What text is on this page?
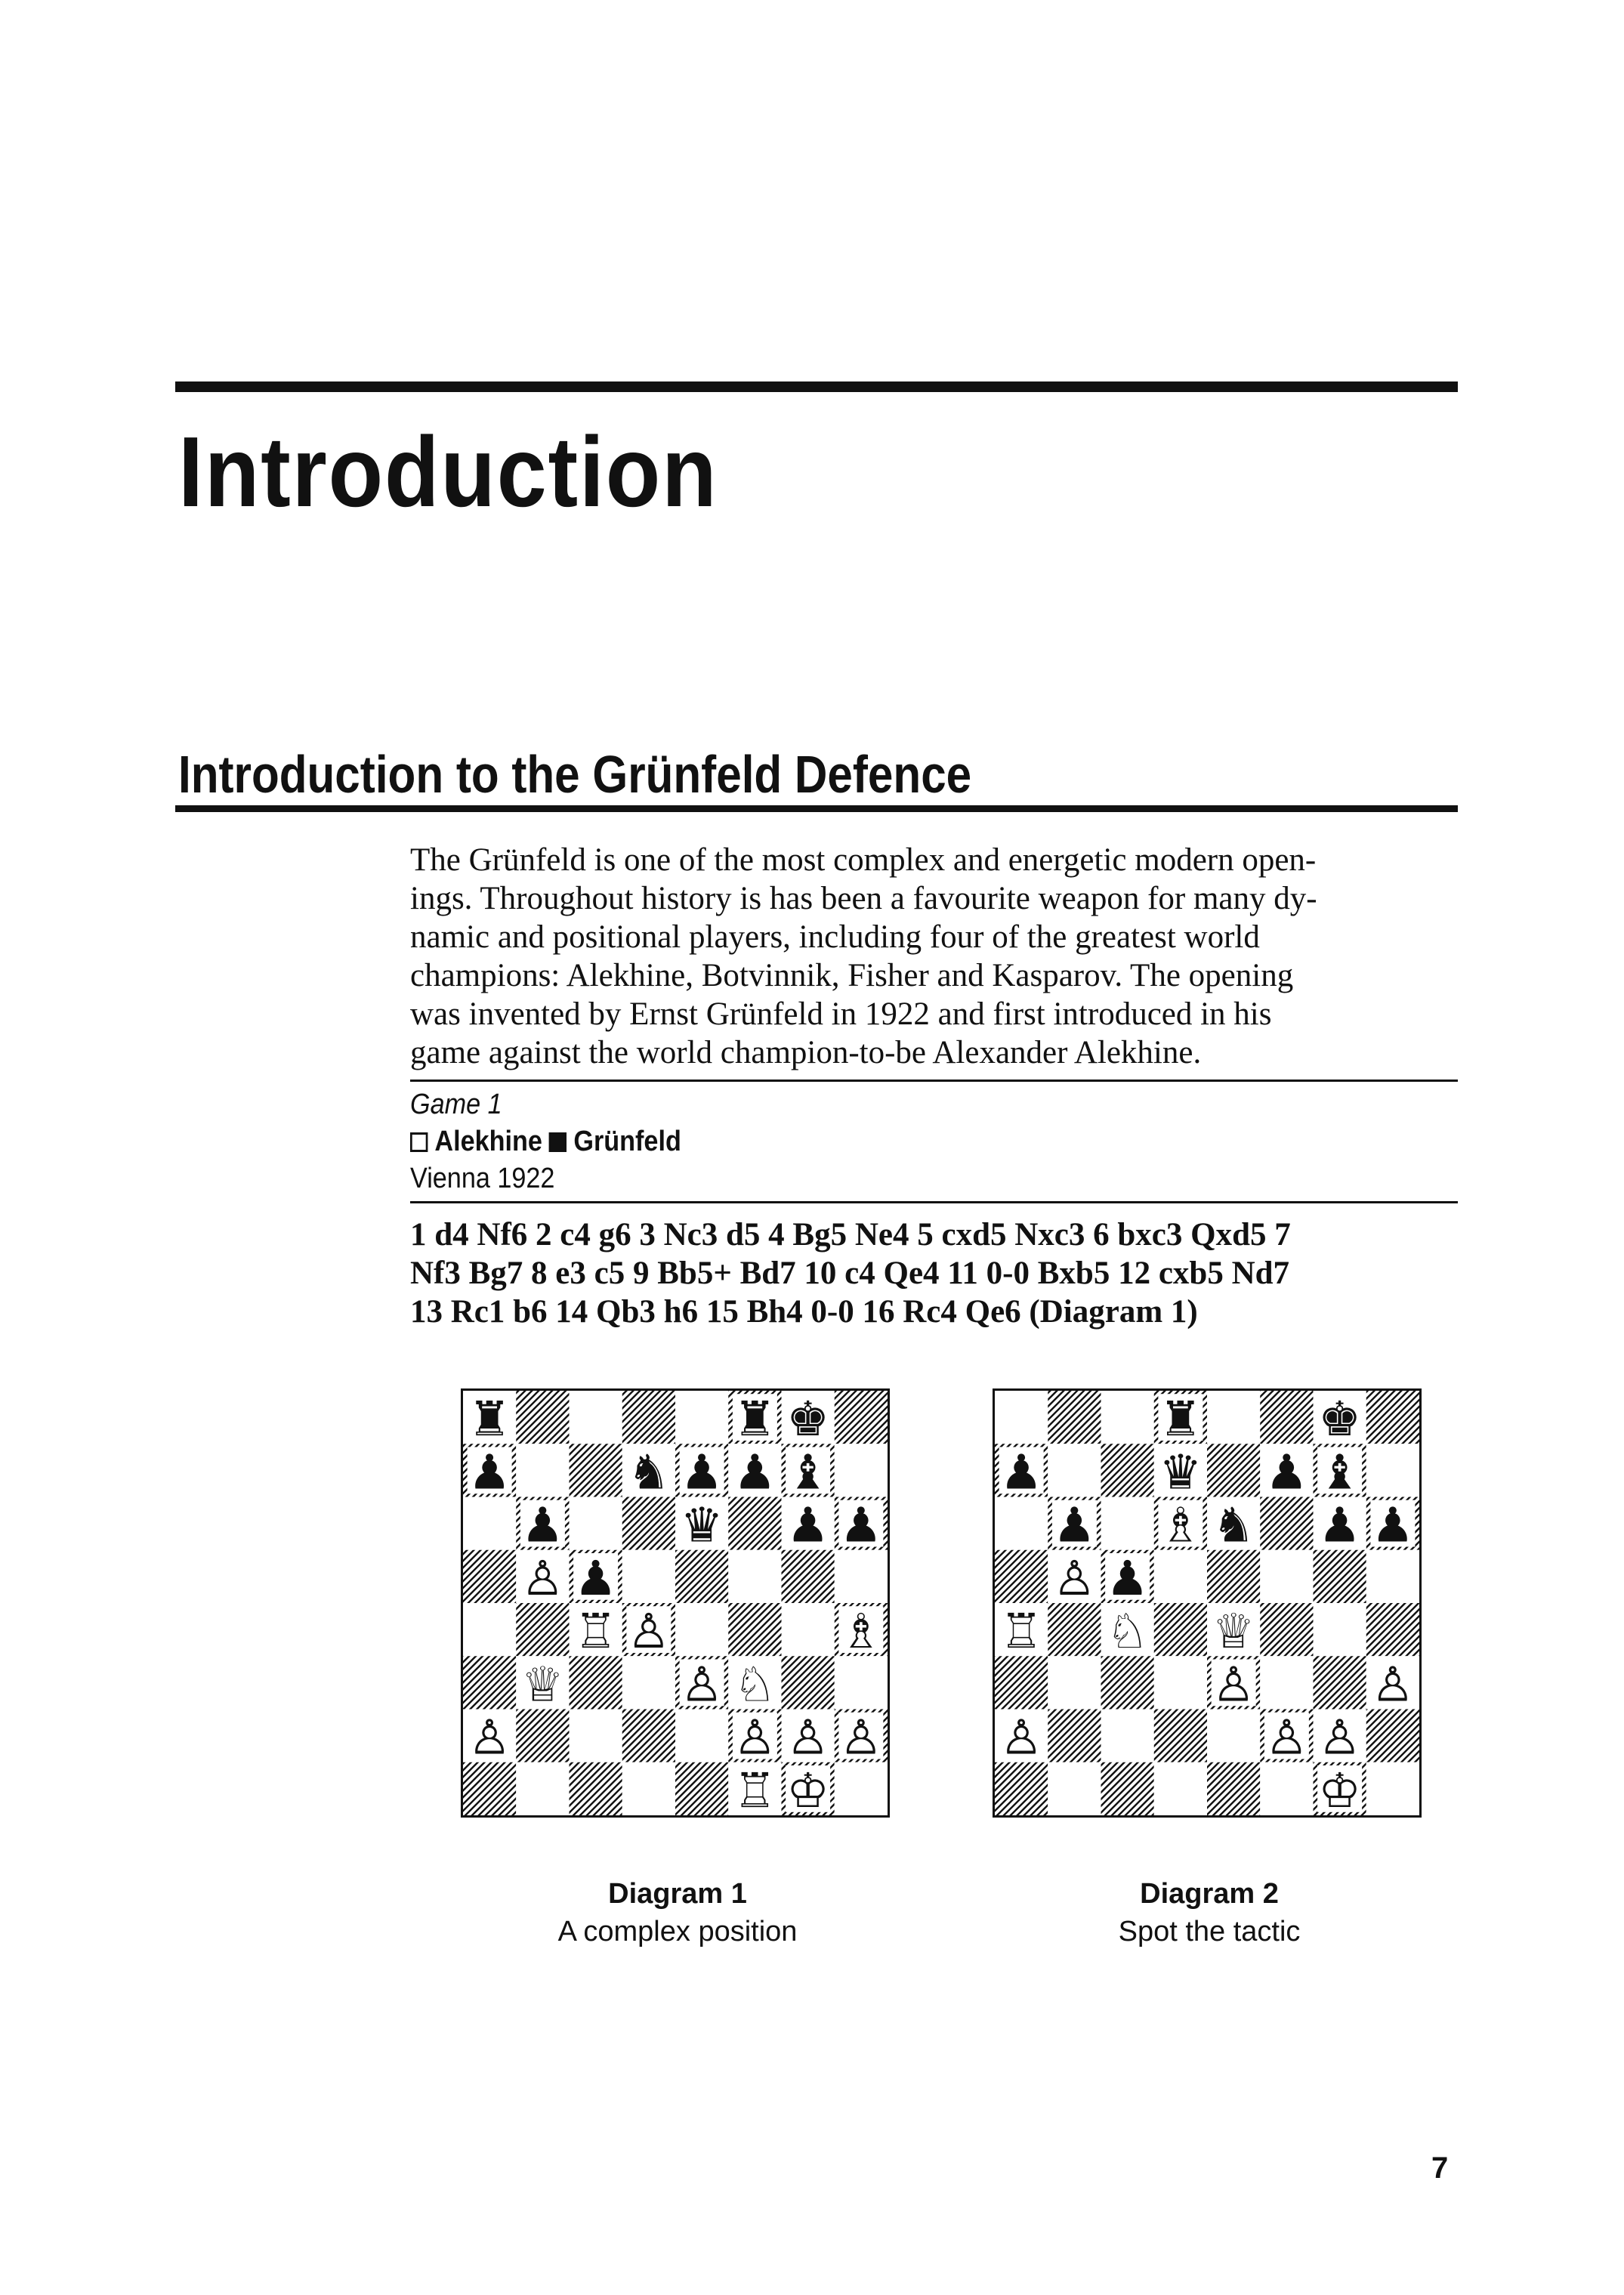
Introduction
Introduction to the Grünfeld Defence

The Grünfeld is one of the most complex and energetic modern open-
ings. Throughout history is has been a favourite weapon for many dy-
namic and positional players, including four of the greatest world
champions: Alekhine, Botvinnik, Fisher and Kasparov. The opening
was invented by Ernst Grünfeld in 1922 and first introduced in his
game against the world champion-to-be Alexander Alekhine.

Game 1
Alekhine Grünfeld
Vienna 1922

1 d4 Nf6 2 c4 g6 3 Nc3 d5 4 Bg5 Ne4 5 cxd5 Nxc3 6 bxc3 Qxd5 7
Nf3 Bg7 8 e3 c5 9 Bb5+ Bd7 10 c4 Qe4 11 0-0 Bxb5 12 cxb5 Nd7
13 Rc1 b6 14 Qb3 h6 15 Bh4 0-0 16 Rc4 Qe6 (Diagram 1)

Diagram 1
A complex position
Diagram 2
Spot the tactic
7
